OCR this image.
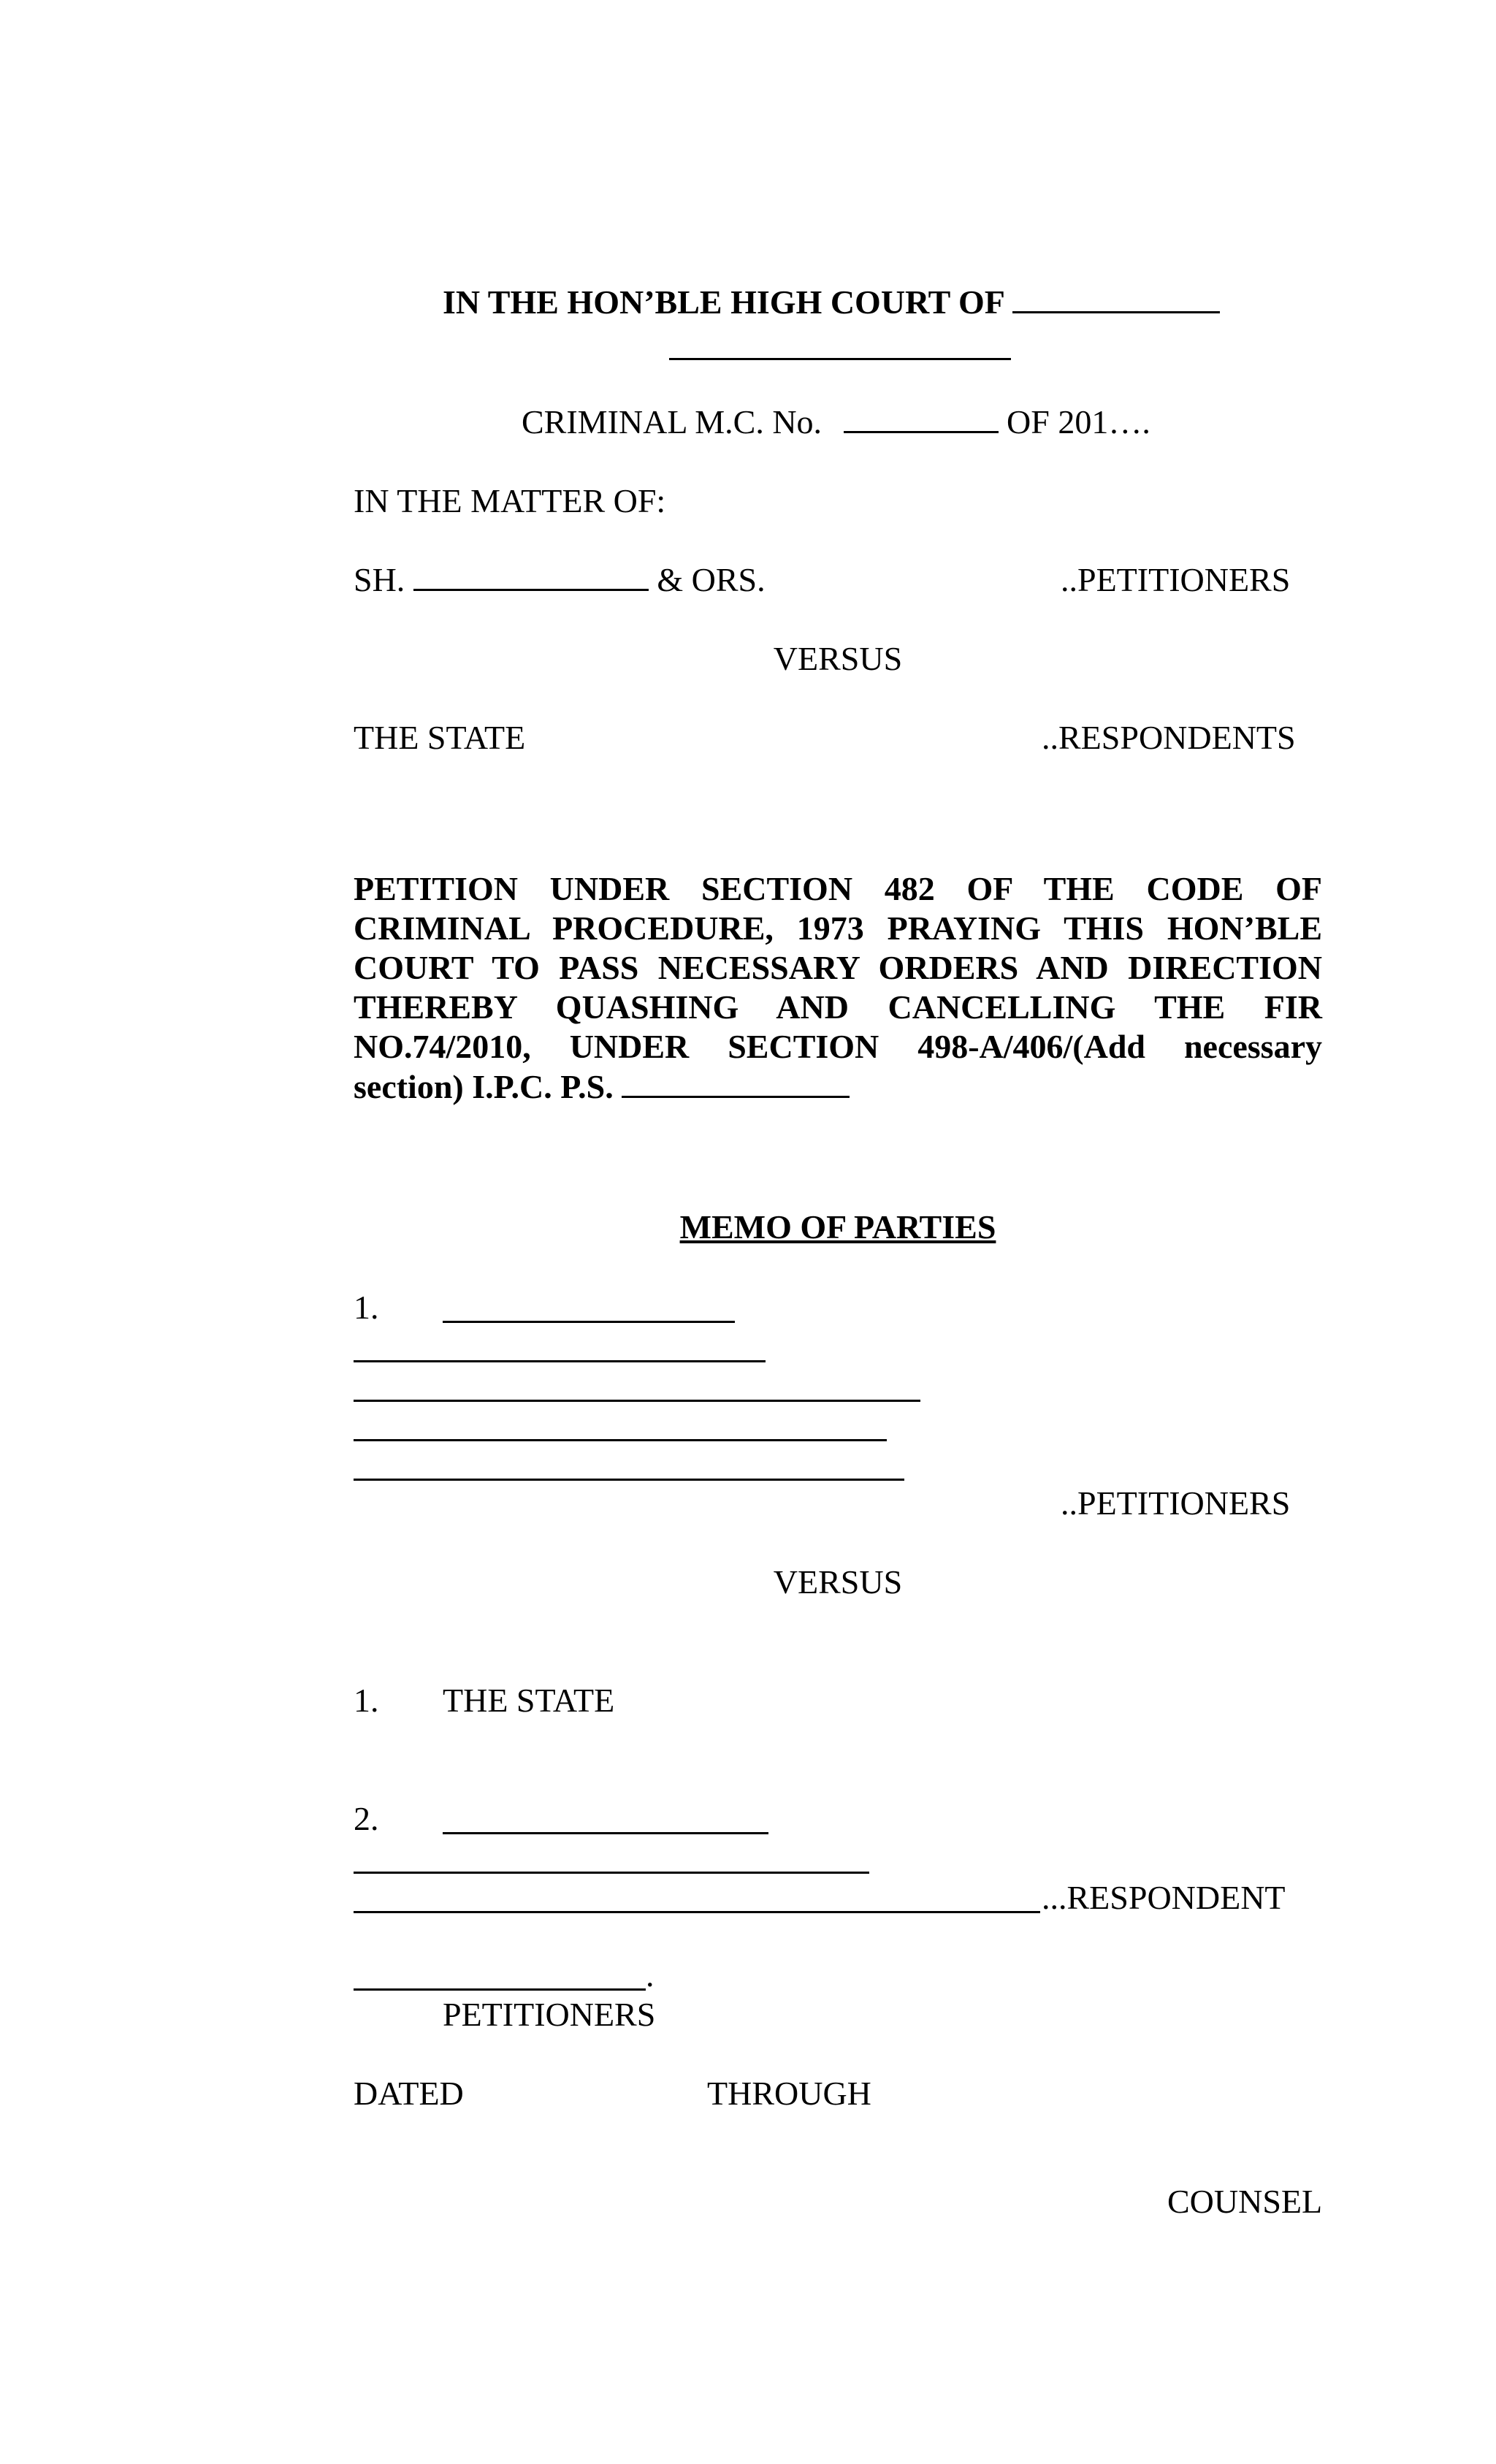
IN THE HON’BLE HIGH COURT OF
CRIMINAL M.C. No.	OF 201….
IN THE MATTER OF:
SH.	& ORS.	..PETITIONERS
VERSUS
THE STATE	..RESPONDENTS
PETITION UNDER SECTION 482 OF THE CODE OF
CRIMINAL PROCEDURE, 1973 PRAYING THIS HON’BLE
COURT TO PASS NECESSARY ORDERS AND DIRECTION
THEREBY QUASHING AND CANCELLING THE FIR
NO.74/2010, UNDER SECTION 498-A/406/(Add necessary
section) I.P.C. P.S.
MEMO OF PARTIES
1.
..PETITIONERS
VERSUS
1. THE STATE
2.
...RESPONDENT
.
PETITIONERS
DATED	THROUGH
COUNSEL
